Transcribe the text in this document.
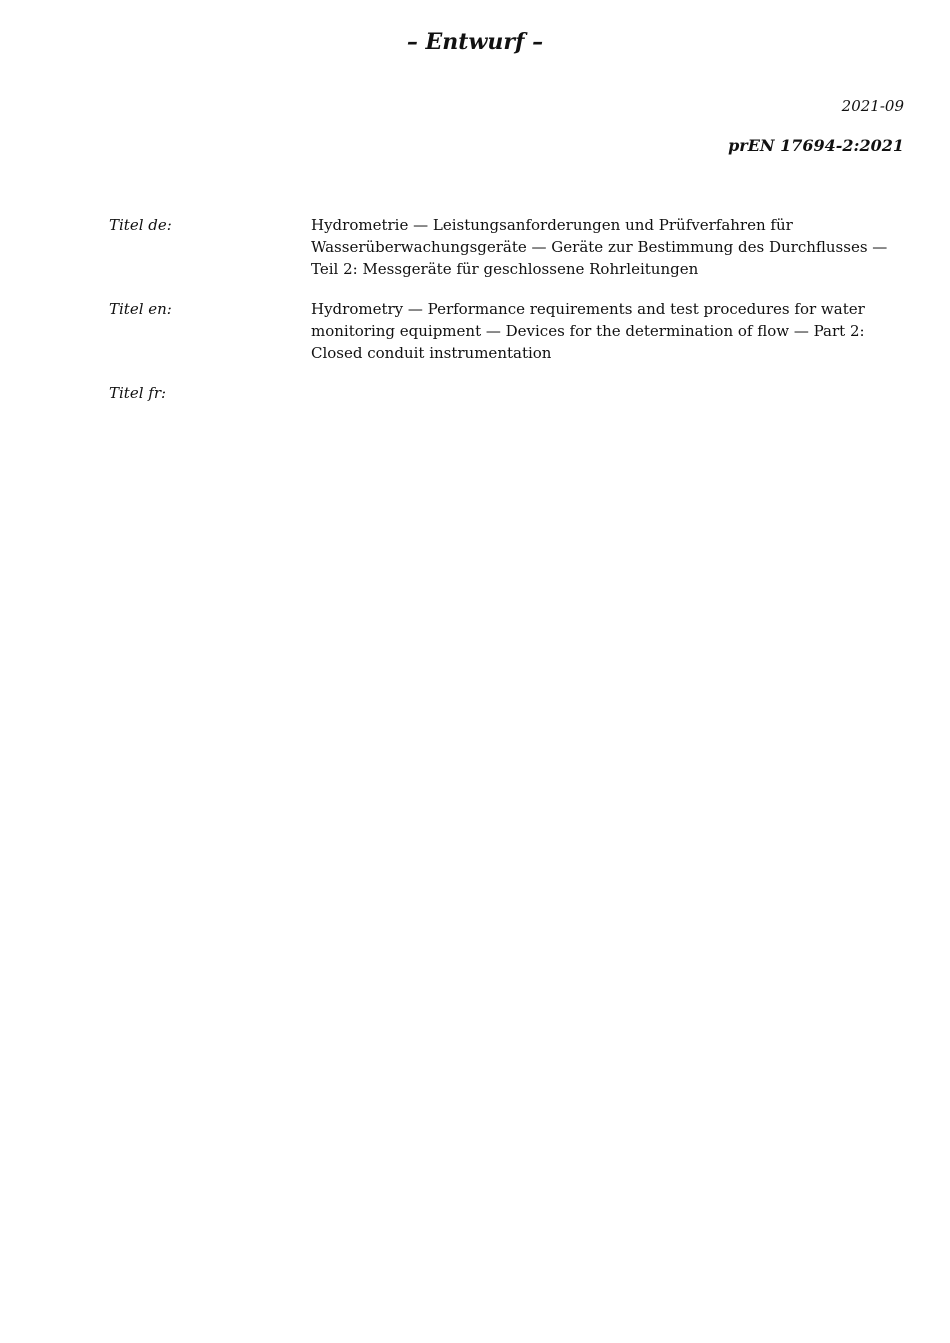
– Entwurf –
2021-09
prEN 17694-2:2021
Titel de:	Hydrometrie — Leistungsanforderungen und Prüfverfahren für Wasserüberwachungsgeräte — Geräte zur Bestimmung des Durchflusses — Teil 2: Messgeräte für geschlossene Rohrleitungen
Titel en:	Hydrometry — Performance requirements and test procedures for water monitoring equipment — Devices for the determination of flow — Part 2: Closed conduit instrumentation
Titel fr:
